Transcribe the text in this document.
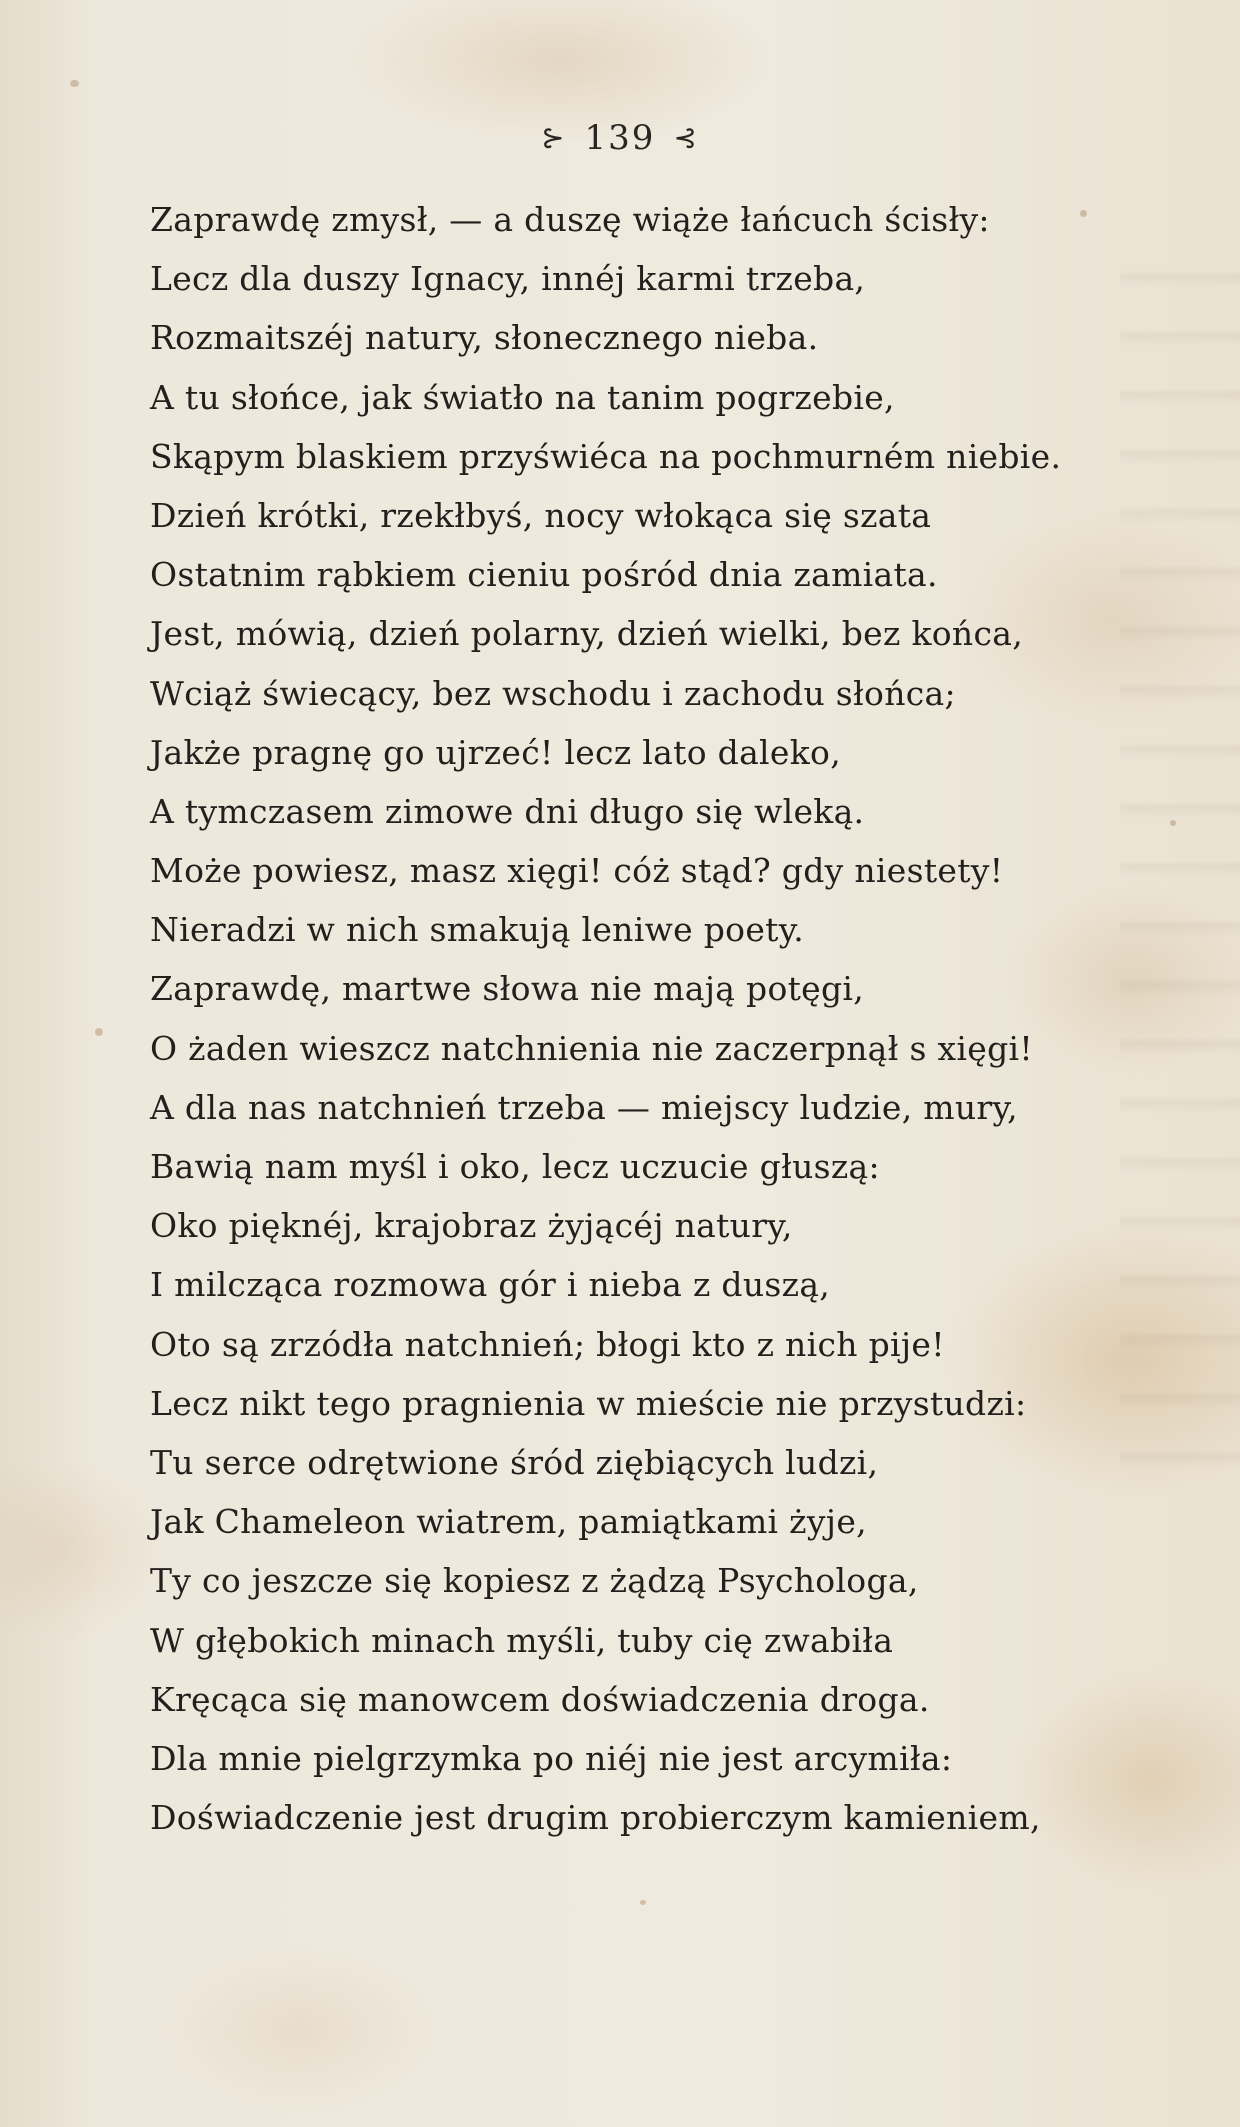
⊱ 139 ⊰
Zaprawdę zmysł, — a duszę wiąże łańcuch ścisły:
Lecz dla duszy Ignacy, innéj karmi trzeba,
Rozmaitszéj natury, słonecznego nieba.
A tu słońce, jak światło na tanim pogrzebie,
Skąpym blaskiem przyświéca na pochmurném niebie.
Dzień krótki, rzekłbyś, nocy włokąca się szata
Ostatnim rąbkiem cieniu pośród dnia zamiata.
Jest, mówią, dzień polarny, dzień wielki, bez końca,
Wciąż świecący, bez wschodu i zachodu słońca;
Jakże pragnę go ujrzeć! lecz lato daleko,
A tymczasem zimowe dni długo się wleką.
Może powiesz, masz xięgi! cóż stąd? gdy niestety!
Nieradzi w nich smakują leniwe poety.
Zaprawdę, martwe słowa nie mają potęgi,
O żaden wieszcz natchnienia nie zaczerpnął s xięgi!
A dla nas natchnień trzeba — miejscy ludzie, mury,
Bawią nam myśl i oko, lecz uczucie głuszą:
Oko pięknéj, krajobraz żyjącéj natury,
I milcząca rozmowa gór i nieba z duszą,
Oto są zrzódła natchnień; błogi kto z nich pije!
Lecz nikt tego pragnienia w mieście nie przystudzi:
Tu serce odrętwione śród ziębiących ludzi,
Jak Chameleon wiatrem, pamiątkami żyje,
Ty co jeszcze się kopiesz z żądzą Psychologa,
W głębokich minach myśli, tuby cię zwabiła
Kręcąca się manowcem doświadczenia droga.
Dla mnie pielgrzymka po niéj nie jest arcymiła:
Doświadczenie jest drugim probierczym kamieniem,
